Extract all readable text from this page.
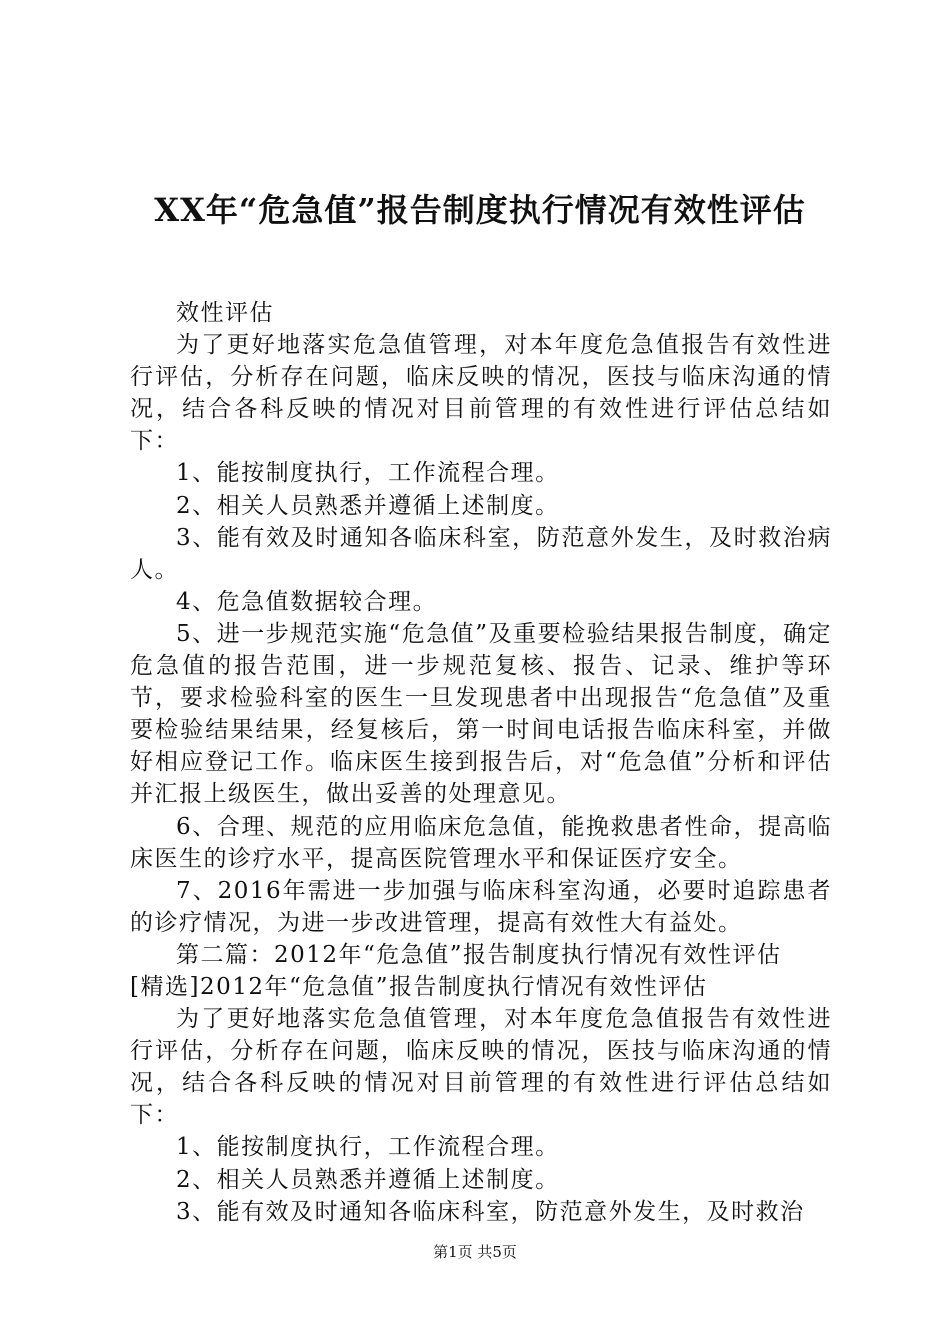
XX年“危急值”报告制度执行情况有效性评估

效性评估

为了更好地落实危急值管理，对本年度危急值报告有效性进行评估，分析存在问题，临床反映的情况，医技与临床沟通的情况，结合各科反映的情况对目前管理的有效性进行评估总结如下：

1、能按制度执行，工作流程合理。

2、相关人员熟悉并遵循上述制度。

3、能有效及时通知各临床科室，防范意外发生，及时救治病人。

4、危急值数据较合理。

5、进一步规范实施“危急值”及重要检验结果报告制度，确定危急值的报告范围，进一步规范复核、报告、记录、维护等环节，要求检验科室的医生一旦发现患者中出现报告“危急值”及重要检验结果结果，经复核后，第一时间电话报告临床科室，并做好相应登记工作。临床医生接到报告后，对“危急值”分析和评估并汇报上级医生，做出妥善的处理意见。

6、合理、规范的应用临床危急值，能挽救患者性命，提高临床医生的诊疗水平，提高医院管理水平和保证医疗安全。

7、2016年需进一步加强与临床科室沟通，必要时追踪患者的诊疗情况，为进一步改进管理，提高有效性大有益处。

第二篇：2012年“危急值”报告制度执行情况有效性评估

[精选]2012年“危急值”报告制度执行情况有效性评估

为了更好地落实危急值管理，对本年度危急值报告有效性进行评估，分析存在问题，临床反映的情况，医技与临床沟通的情况，结合各科反映的情况对目前管理的有效性进行评估总结如下：

1、能按制度执行，工作流程合理。

2、相关人员熟悉并遵循上述制度。

3、能有效及时通知各临床科室，防范意外发生，及时救治

第1页 共5页
